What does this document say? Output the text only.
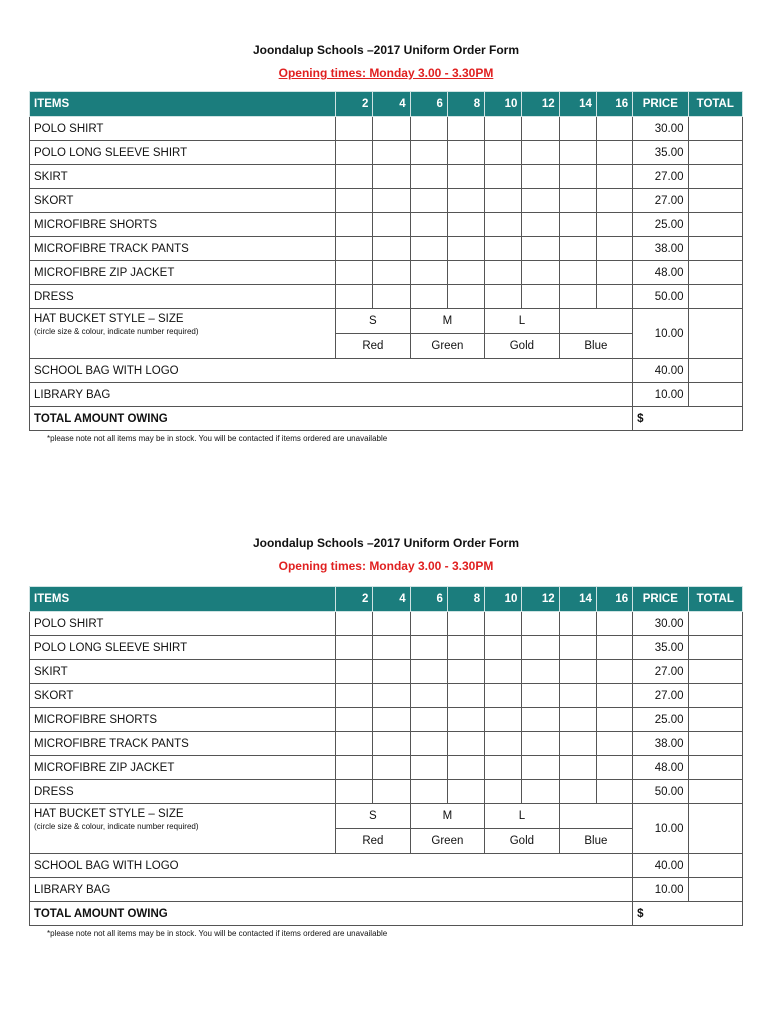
Joondalup Schools –2017 Uniform Order Form
Opening times: Monday 3.00 - 3.30PM
ITEMS	2	4	6	8	10	12	14	16	PRICE	TOTAL
POLO SHIRT									30.00	
POLO LONG SLEEVE SHIRT									35.00	
SKIRT									27.00	
SKORT									27.00	
MICROFIBRE SHORTS									25.00	
MICROFIBRE TRACK PANTS									38.00	
MICROFIBRE ZIP JACKET									48.00	
DRESS									50.00	

HAT BUCKET STYLE – SIZE
(circle size & colour, indicate number required)	S		M		L				10.00	
	Red		Green		Gold		Blue			
SCHOOL BAG WITH LOGO									40.00	
LIBRARY BAG									10.00	
TOTAL AMOUNT OWING									$	
*please note not all items may be in stock. You will be contacted if items ordered are unavailable
Joondalup Schools –2017 Uniform Order Form
Opening times: Monday 3.00 - 3.30PM
ITEMS	2	4	6	8	10	12	14	16	PRICE	TOTAL
POLO SHIRT									30.00	
POLO LONG SLEEVE SHIRT									35.00	
SKIRT									27.00	
SKORT									27.00	
MICROFIBRE SHORTS									25.00	
MICROFIBRE TRACK PANTS									38.00	
MICROFIBRE ZIP JACKET									48.00	
DRESS									50.00	

HAT BUCKET STYLE – SIZE
(circle size & colour, indicate number required)	S		M		L				10.00	
	Red		Green		Gold		Blue			
SCHOOL BAG WITH LOGO									40.00	
LIBRARY BAG									10.00	
TOTAL AMOUNT OWING									$	
*please note not all items may be in stock. You will be contacted if items ordered are unavailable
